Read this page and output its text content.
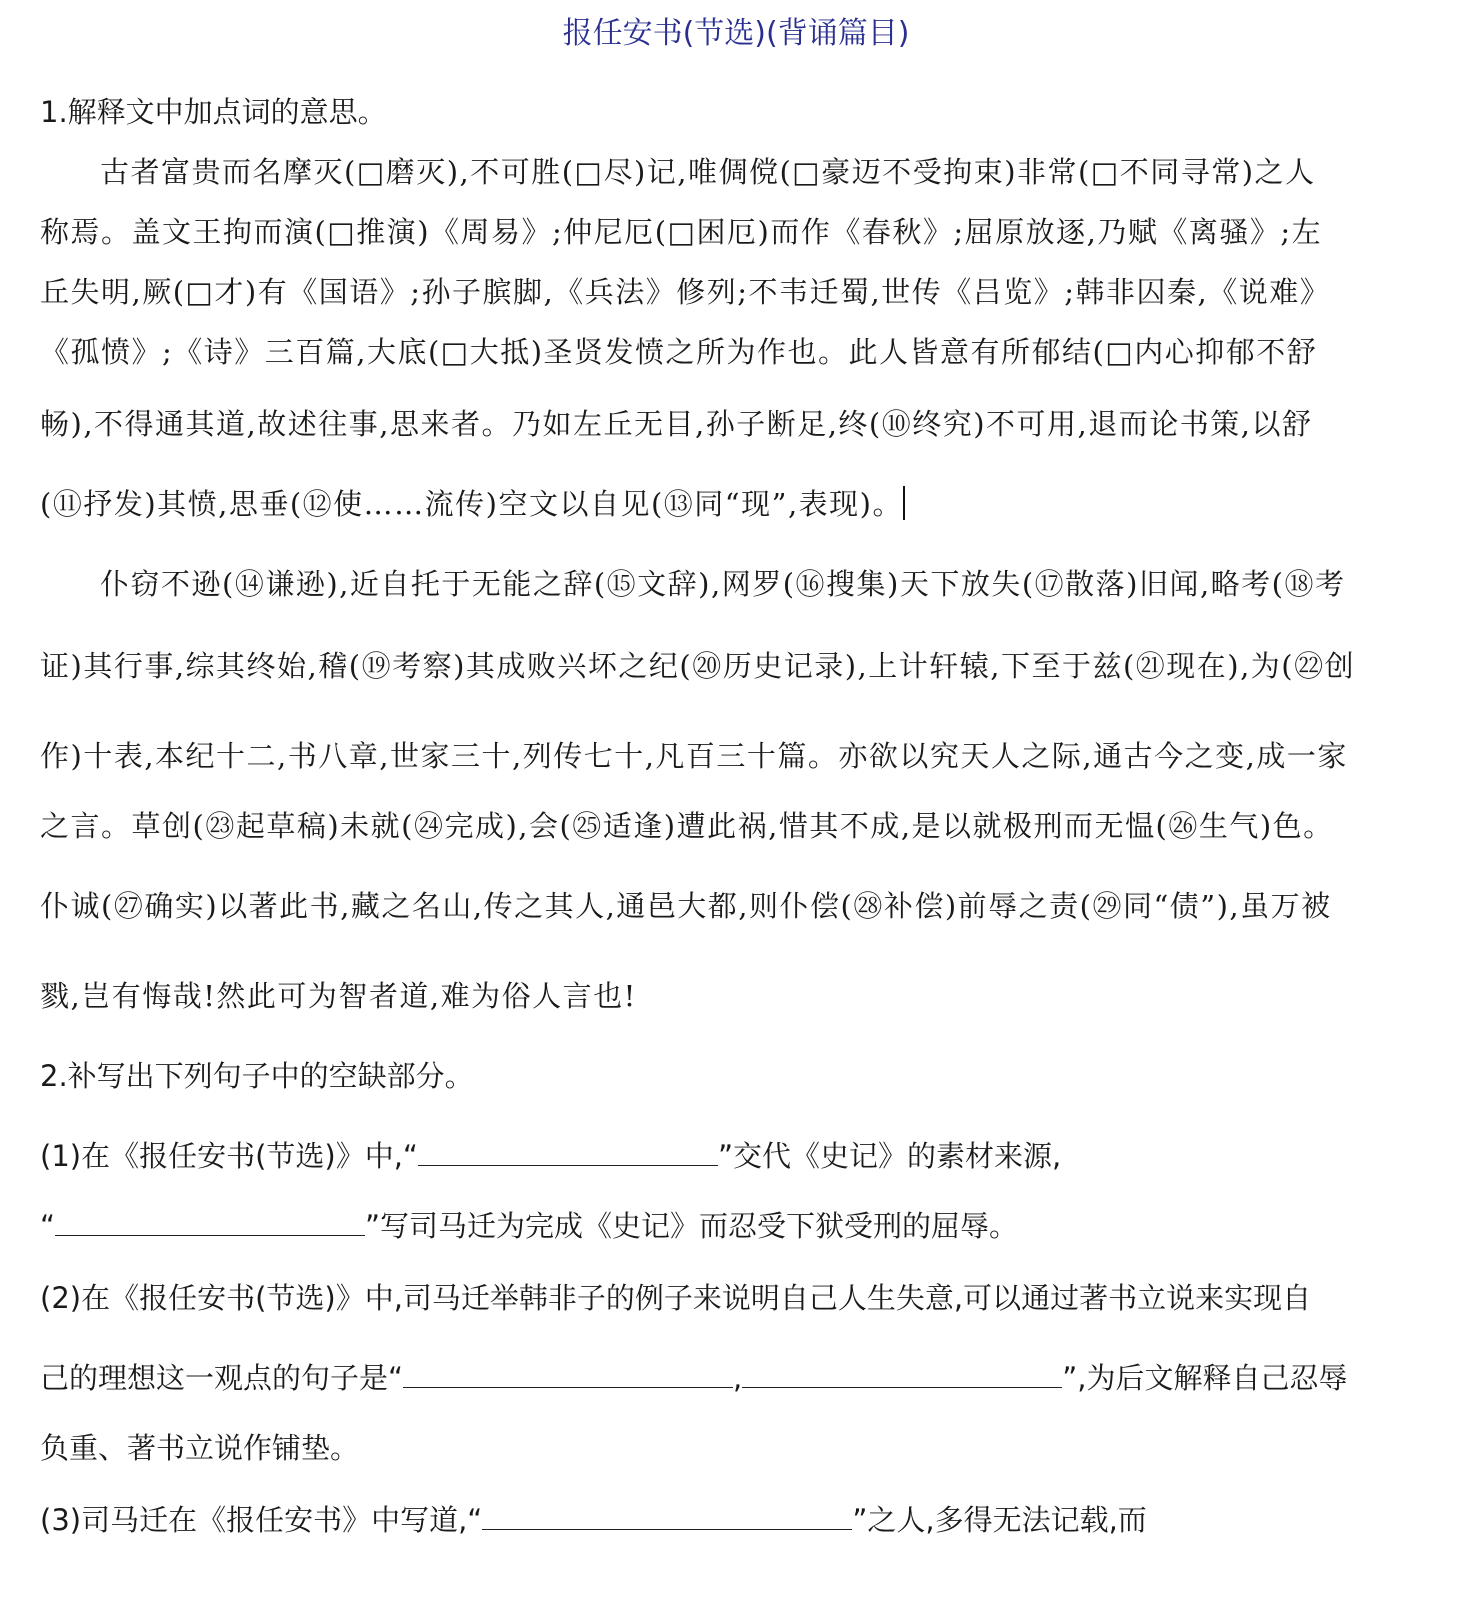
报任安书(节选)(背诵篇目)
1.解释文中加点词的意思。
古者富贵而名摩灭(□磨灭),不可胜(□尽)记,唯倜傥(□豪迈不受拘束)非常(□不同寻常)之人
称焉。盖文王拘而演(□推演)《周易》;仲尼厄(□困厄)而作《春秋》;屈原放逐,乃赋《离骚》;左
丘失明,厥(□才)有《国语》;孙子膑脚,《兵法》修列;不韦迁蜀,世传《吕览》;韩非囚秦,《说难》
《孤愤》;《诗》三百篇,大底(□大抵)圣贤发愤之所为作也。此人皆意有所郁结(□内心抑郁不舒
畅),不得通其道,故述往事,思来者。乃如左丘无目,孙子断足,终(⑩终究)不可用,退而论书策,以舒
(⑪抒发)其愤,思垂(⑫使……流传)空文以自见(⑬同“现”,表现)。
仆窃不逊(⑭谦逊),近自托于无能之辞(⑮文辞),网罗(⑯搜集)天下放失(⑰散落)旧闻,略考(⑱考
证)其行事,综其终始,稽(⑲考察)其成败兴坏之纪(⑳历史记录),上计轩辕,下至于兹(㉑现在),为(㉒创
作)十表,本纪十二,书八章,世家三十,列传七十,凡百三十篇。亦欲以究天人之际,通古今之变,成一家
之言。草创(㉓起草稿)未就(㉔完成),会(㉕适逢)遭此祸,惜其不成,是以就极刑而无愠(㉖生气)色。
仆诚(㉗确实)以著此书,藏之名山,传之其人,通邑大都,则仆偿(㉘补偿)前辱之责(㉙同“债”),虽万被
戮,岂有悔哉!然此可为智者道,难为俗人言也!
2.补写出下列句子中的空缺部分。
(1)在《报任安书(节选)》中,“	”交代《史记》的素材来源,
“	”写司马迁为完成《史记》而忍受下狱受刑的屈辱。
(2)在《报任安书(节选)》中,司马迁举韩非子的例子来说明自己人生失意,可以通过著书立说来实现自
己的理想这一观点的句子是“	,	”,为后文解释自己忍辱
负重、著书立说作铺垫。
(3)司马迁在《报任安书》中写道,“	”之人,多得无法记载,而
